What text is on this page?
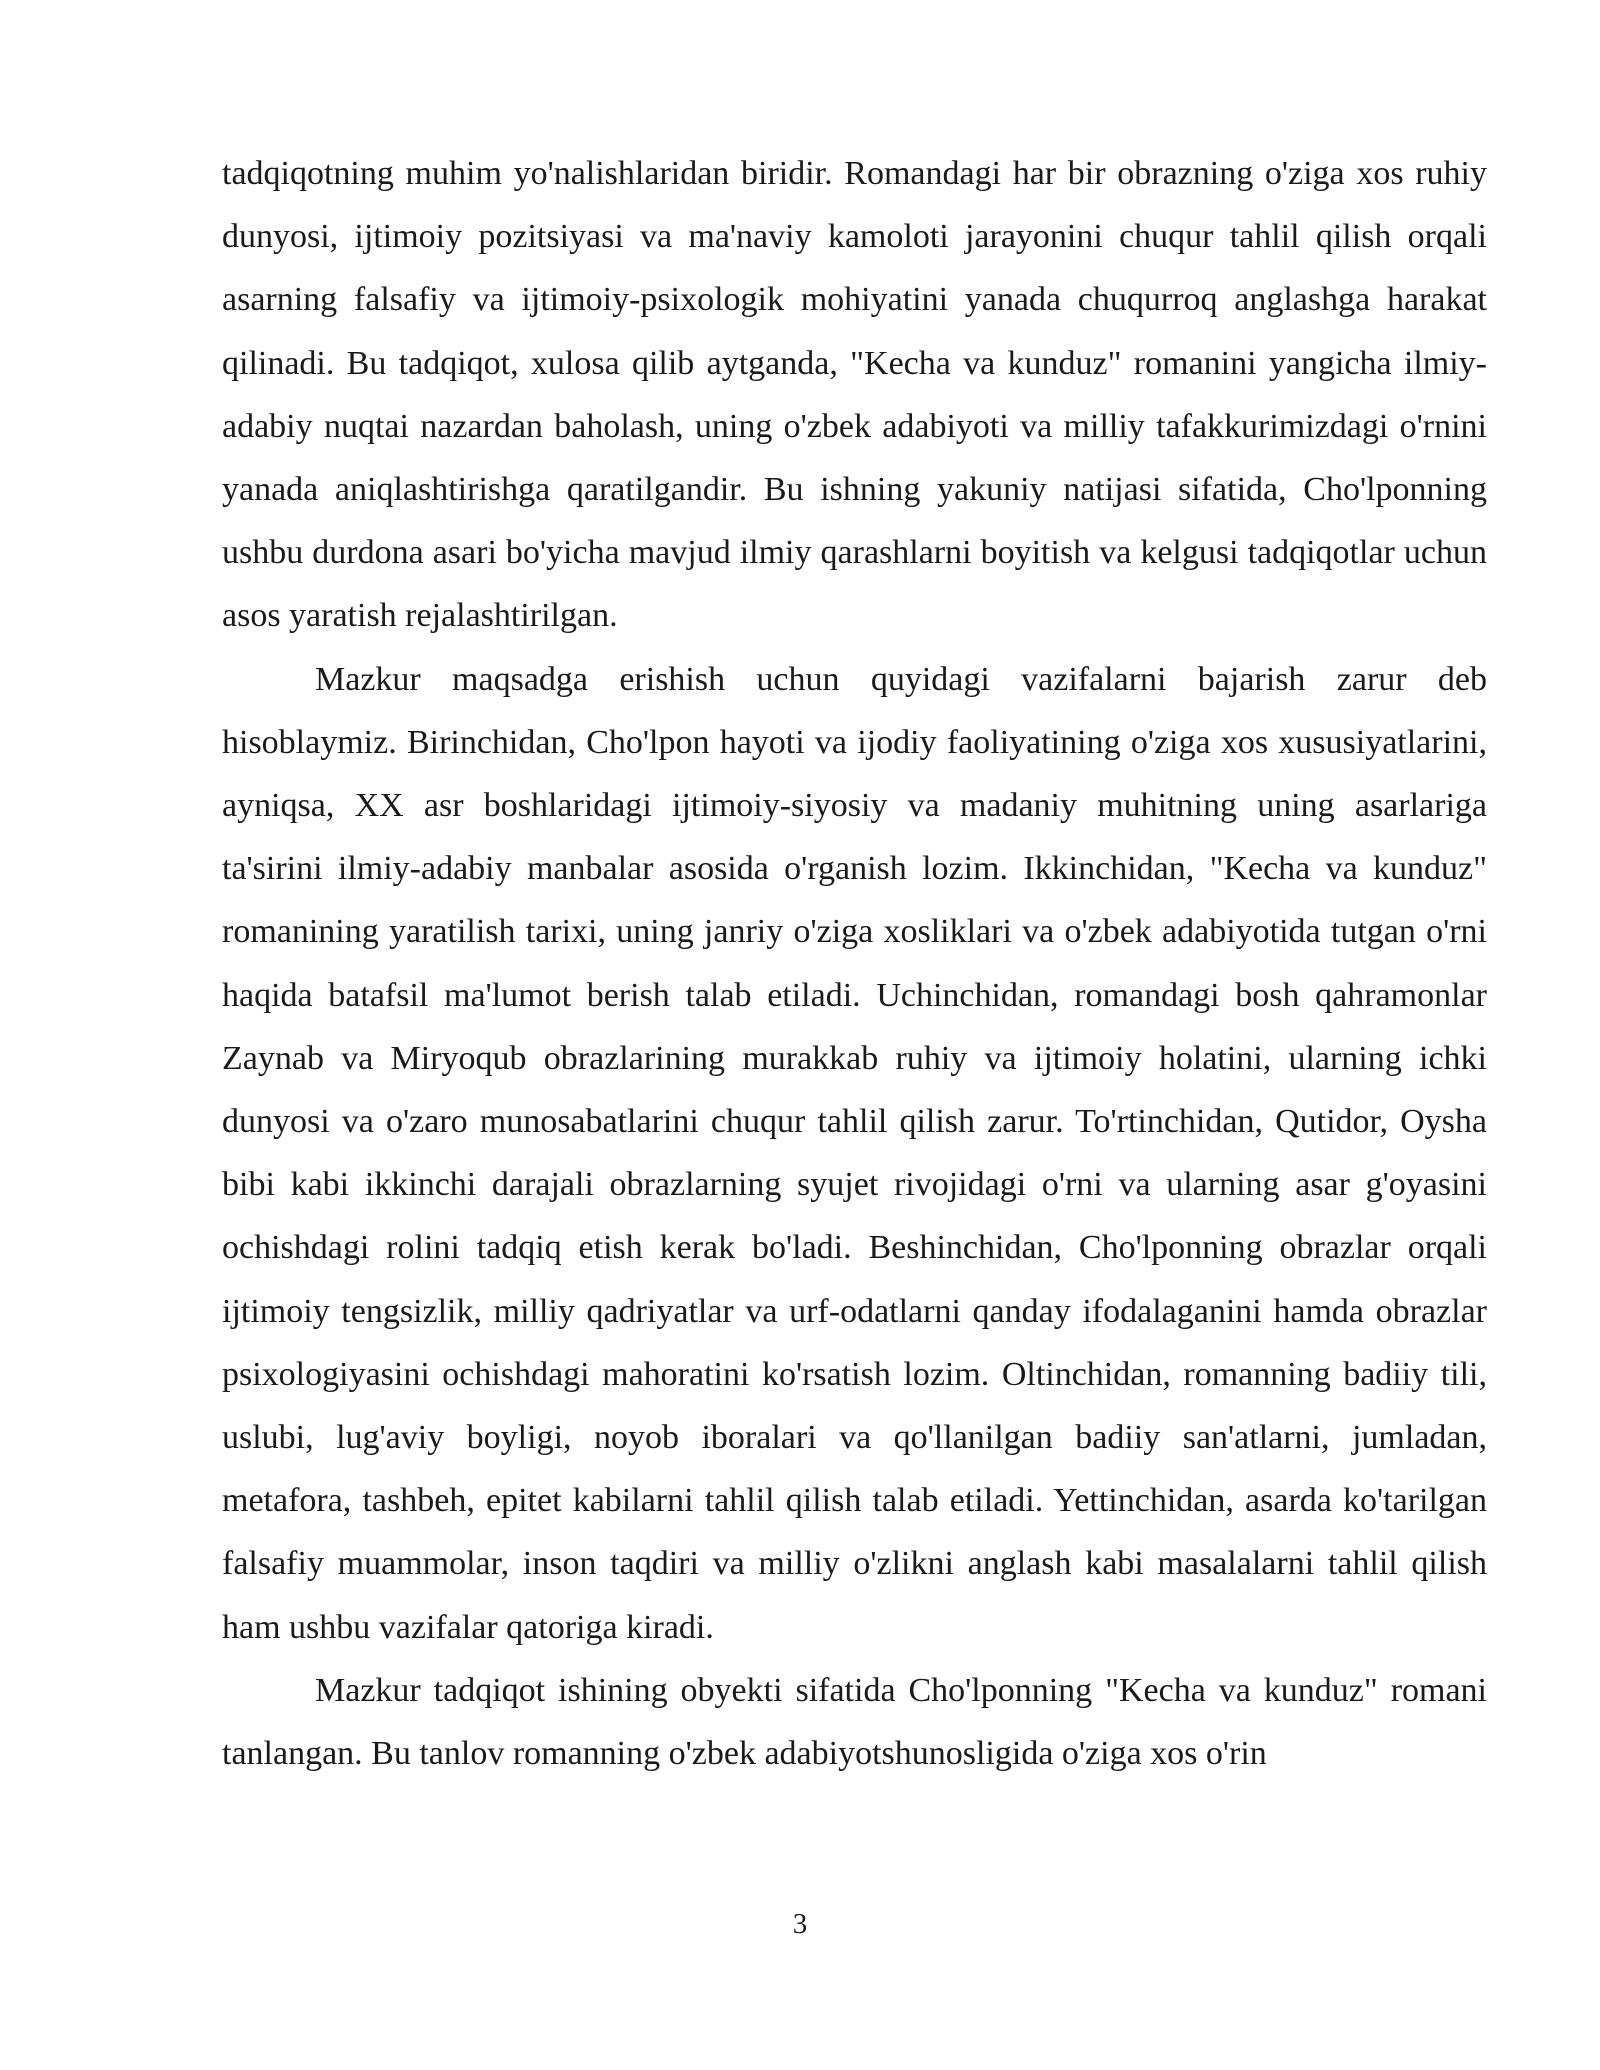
tadqiqotning muhim yo'nalishlaridan biridir. Romandagi har bir obrazning o'ziga xos ruhiy dunyosi, ijtimoiy pozitsiyasi va ma'naviy kamoloti jarayonini chuqur tahlil qilish orqali asarning falsafiy va ijtimoiy-psixologik mohiyatini yanada chuqurroq anglashga harakat qilinadi. Bu tadqiqot, xulosa qilib aytganda, "Kecha va kunduz" romanini yangicha ilmiy-adabiy nuqtai nazardan baholash, uning o'zbek adabiyoti va milliy tafakkurimizdagi o'rnini yanada aniqlashtirishga qaratilgandir. Bu ishning yakuniy natijasi sifatida, Cho'lponning ushbu durdona asari bo'yicha mavjud ilmiy qarashlarni boyitish va kelgusi tadqiqotlar uchun asos yaratish rejalashtirilgan.

Mazkur maqsadga erishish uchun quyidagi vazifalarni bajarish zarur deb hisoblaymiz. Birinchidan, Cho'lpon hayoti va ijodiy faoliyatining o'ziga xos xususiyatlarini, ayniqsa, XX asr boshlaridagi ijtimoiy-siyosiy va madaniy muhitning uning asarlariga ta'sirini ilmiy-adabiy manbalar asosida o'rganish lozim. Ikkinchidan, "Kecha va kunduz" romanining yaratilish tarixi, uning janriy o'ziga xosliklari va o'zbek adabiyotida tutgan o'rni haqida batafsil ma'lumot berish talab etiladi. Uchinchidan, romandagi bosh qahramonlar Zaynab va Miryoqub obrazlarining murakkab ruhiy va ijtimoiy holatini, ularning ichki dunyosi va o'zaro munosabatlarini chuqur tahlil qilish zarur. To'rtinchidan, Qutidor, Oysha bibi kabi ikkinchi darajali obrazlarning syujet rivojidagi o'rni va ularning asar g'oyasini ochishdagi rolini tadqiq etish kerak bo'ladi. Beshinchidan, Cho'lponning obrazlar orqali ijtimoiy tengsizlik, milliy qadriyatlar va urf-odatlarni qanday ifodalaganini hamda obrazlar psixologiyasini ochishdagi mahoratini ko'rsatish lozim. Oltinchidan, romanning badiiy tili, uslubi, lug'aviy boyligi, noyob iboralari va qo'llanilgan badiiy san'atlarni, jumladan, metafora, tashbeh, epitet kabilarni tahlil qilish talab etiladi. Yettinchidan, asarda ko'tarilgan falsafiy muammolar, inson taqdiri va milliy o'zlikni anglash kabi masalalarni tahlil qilish ham ushbu vazifalar qatoriga kiradi.

Mazkur tadqiqot ishining obyekti sifatida Cho'lponning "Kecha va kunduz" romani tanlangan. Bu tanlov romanning o'zbek adabiyotshunosligida o'ziga xos o'rin

3
